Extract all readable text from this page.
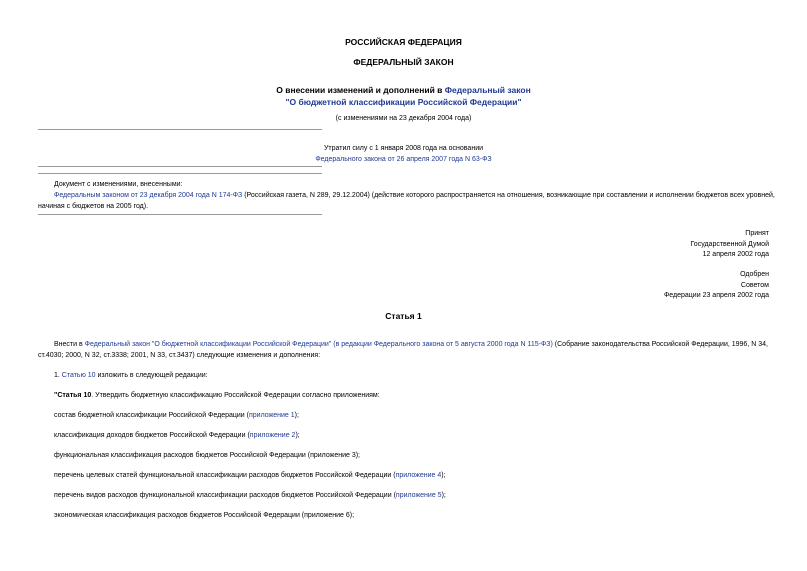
РОССИЙСКАЯ ФЕДЕРАЦИЯ
ФЕДЕРАЛЬНЫЙ ЗАКОН
О внесении изменений и дополнений в Федеральный закон
"О бюджетной классификации Российской Федерации"
(с изменениями на 23 декабря 2004 года)
Утратил силу с 1 января 2008 года на основании
Федерального закона от 26 апреля 2007 года N 63-ФЗ
Документ с изменениями, внесенными:
Федеральным законом от 23 декабря 2004 года N 174-ФЗ (Российская газета, N 289, 29.12.2004) (действие которого распространяется на отношения, возникающие при составлении и исполнении бюджетов всех уровней, начиная с бюджетов на 2005 год).
Принят
Государственной Думой
12 апреля 2002 года
Одобрен
Советом
Федерации 23 апреля 2002 года
Статья 1

Внести в Федеральный закон "О бюджетной классификации Российской Федерации" (в редакции Федерального закона от 5 августа 2000 года N 115-ФЗ) (Собрание законодательства Российской Федерации, 1996, N 34, ст.4030; 2000, N 32, ст.3338; 2001, N 33, ст.3437) следующие изменения и дополнения:

1. Статью 10 изложить в следующей редакции:

"Статья 10. Утвердить бюджетную классификацию Российской Федерации согласно приложениям:

состав бюджетной классификации Российской Федерации (приложение 1);

классификация доходов бюджетов Российской Федерации (приложение 2);

функциональная классификация расходов бюджетов Российской Федерации (приложение 3);

перечень целевых статей функциональной классификации расходов бюджетов Российской Федерации (приложение 4);

перечень видов расходов функциональной классификации расходов бюджетов Российской Федерации (приложение 5);

экономическая классификация расходов бюджетов Российской Федерации (приложение 6);
